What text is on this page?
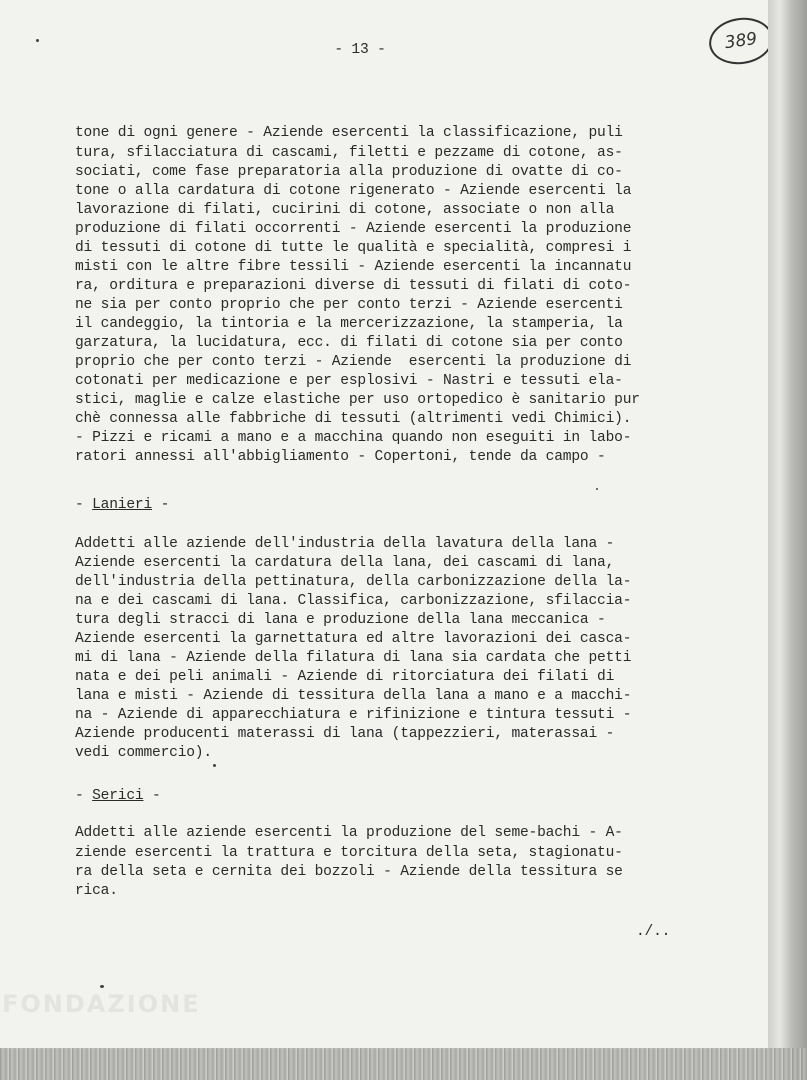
- 13 -	389
tone di ogni genere - Aziende esercenti la classificazione, puli
tura, sfilacciatura di cascami, filetti e pezzame di cotone, as-
sociati, come fase preparatoria alla produzione di ovatte di co-
tone o alla cardatura di cotone rigenerato - Aziende esercenti la
lavorazione di filati, cucirini di cotone, associate o non alla
produzione di filati occorrenti - Aziende esercenti la produzione
di tessuti di cotone di tutte le qualità e specialità, compresi i
misti con le altre fibre tessili - Aziende esercenti la incannatu
ra, orditura e preparazioni diverse di tessuti di filati di coto-
ne sia per conto proprio che per conto terzi - Aziende esercenti
il candeggio, la tintoria e la mercerizzazione, la stamperia, la
garzatura, la lucidatura, ecc. di filati di cotone sia per conto
proprio che per conto terzi - Aziende  esercenti la produzione di
cotonati per medicazione e per esplosivi - Nastri e tessuti ela-
stici, maglie e calze elastiche per uso ortopedico è sanitario pur
chè connessa alle fabbriche di tessuti (altrimenti vedi Chimici).
- Pizzi e ricami a mano e a macchina quando non eseguiti in labo-
ratori annessi all'abbigliamento - Copertoni, tende da campo -
- Lanieri -
Addetti alle aziende dell'industria della lavatura della lana -
Aziende esercenti la cardatura della lana, dei cascami di lana,
dell'industria della pettinatura, della carbonizzazione della la-
na e dei cascami di lana. Classifica, carbonizzazione, sfilaccia-
tura degli stracci di lana e produzione della lana meccanica -
Aziende esercenti la garnettatura ed altre lavorazioni dei casca-
mi di lana - Aziende della filatura di lana sia cardata che petti
nata e dei peli animali - Aziende di ritorciatura dei filati di
lana e misti - Aziende di tessitura della lana a mano e a macchi-
na - Aziende di apparecchiatura e rifinizione e tintura tessuti -
Aziende producenti materassi di lana (tappezzieri, materassai -
vedi commercio).
- Serici -
Addetti alle aziende esercenti la produzione del seme-bachi - A-
ziende esercenti la trattura e torcitura della seta, stagionatu-
ra della seta e cernita dei bozzoli - Aziende della tessitura se
rica.
./..
FONDAZIONE
